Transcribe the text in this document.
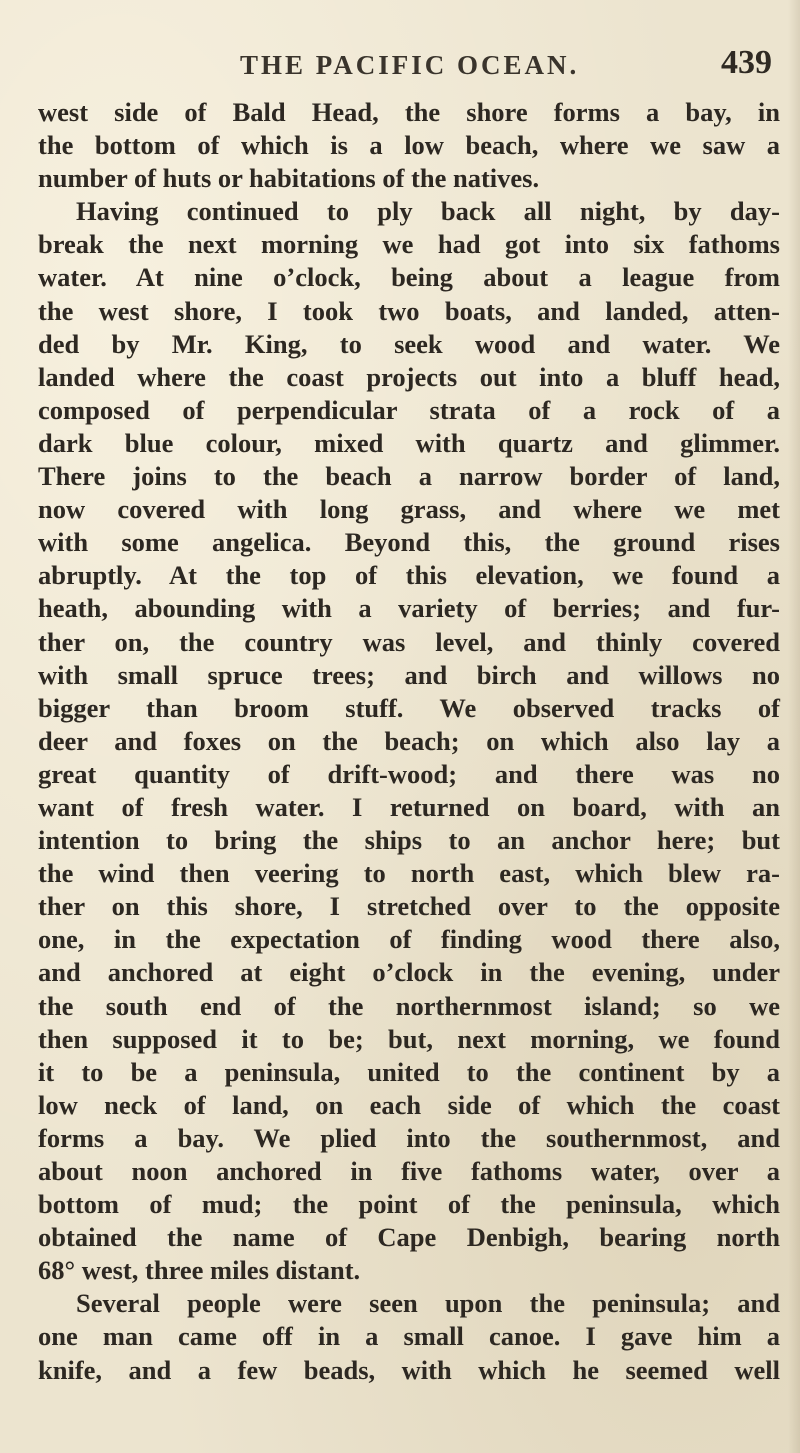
THE PACIFIC OCEAN.	439
west side of Bald Head, the shore forms a bay, in
the bottom of which is a low beach, where we saw a
number of huts or habitations of the natives.
Having continued to ply back all night, by day-
break the next morning we had got into six fathoms
water. At nine o’clock, being about a league from
the west shore, I took two boats, and landed, atten-
ded by Mr. King, to seek wood and water. We
landed where the coast projects out into a bluff head,
composed of perpendicular strata of a rock of a
dark blue colour, mixed with quartz and glimmer.
There joins to the beach a narrow border of land,
now covered with long grass, and where we met
with some angelica. Beyond this, the ground rises
abruptly. At the top of this elevation, we found a
heath, abounding with a variety of berries; and fur-
ther on, the country was level, and thinly covered
with small spruce trees; and birch and willows no
bigger than broom stuff. We observed tracks of
deer and foxes on the beach; on which also lay a
great quantity of drift-wood; and there was no
want of fresh water. I returned on board, with an
intention to bring the ships to an anchor here; but
the wind then veering to north east, which blew ra-
ther on this shore, I stretched over to the opposite
one, in the expectation of finding wood there also,
and anchored at eight o’clock in the evening, under
the south end of the northernmost island; so we
then supposed it to be; but, next morning, we found
it to be a peninsula, united to the continent by a
low neck of land, on each side of which the coast
forms a bay. We plied into the southernmost, and
about noon anchored in five fathoms water, over a
bottom of mud; the point of the peninsula, which
obtained the name of Cape Denbigh, bearing north
68° west, three miles distant.
Several people were seen upon the peninsula; and
one man came off in a small canoe. I gave him a
knife, and a few beads, with which he seemed well
